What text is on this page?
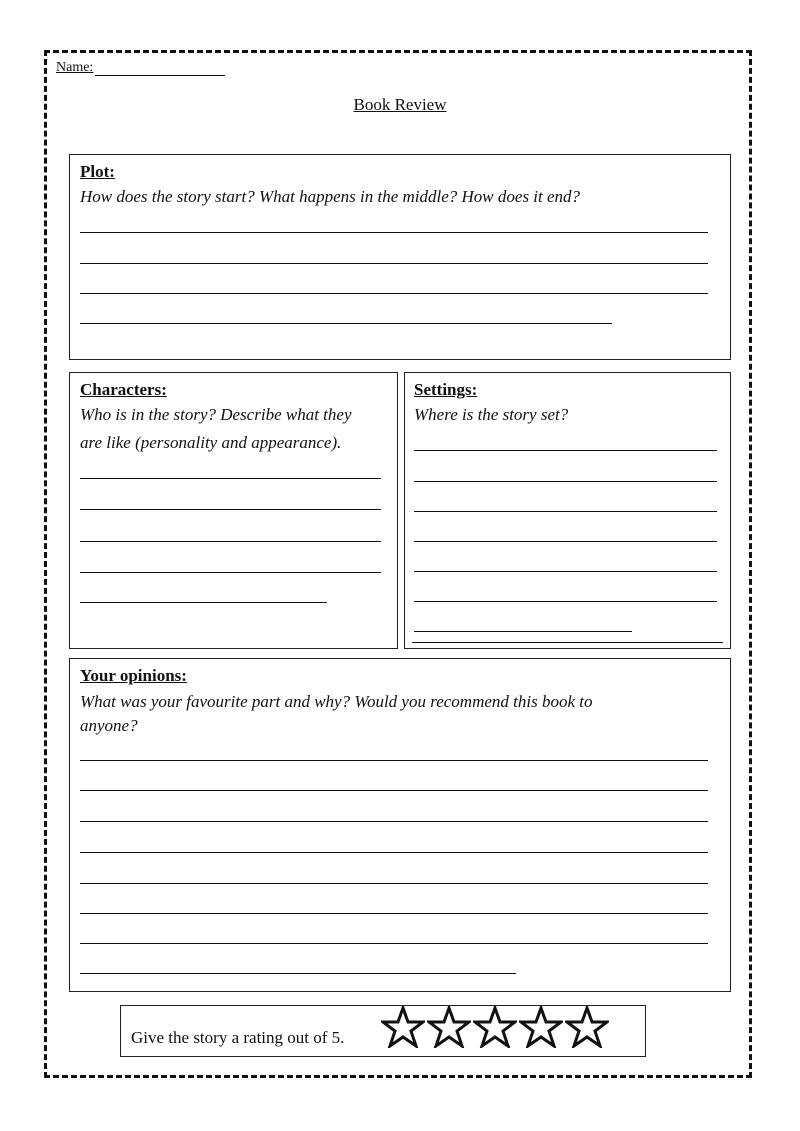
Name:
Book Review
Plot:
How does the story start? What happens in the middle? How does it end?
Characters:
Who is in the story? Describe what they
are like (personality and appearance).
Settings:
Where is the story set?
Your opinions:
What was your favourite part and why? Would you recommend this book to
anyone?
Give the story a rating out of 5.
